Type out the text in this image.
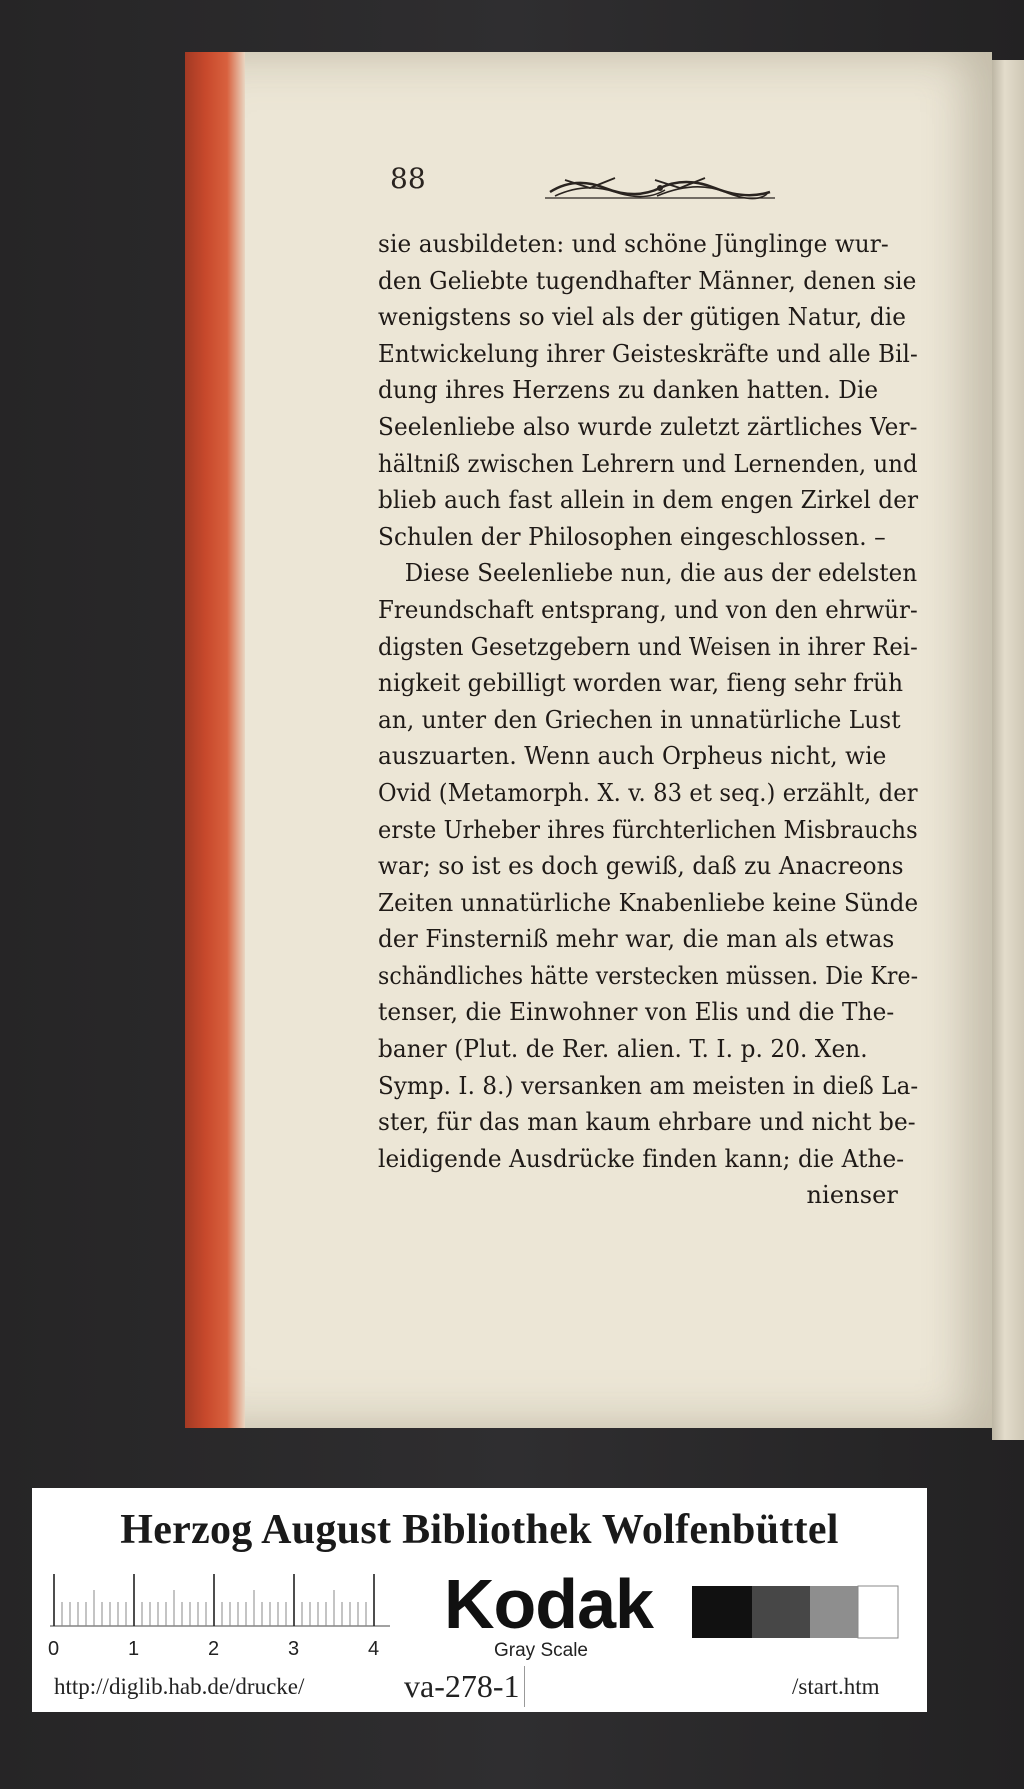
88
sie ausbildeten: und schöne Jünglinge wur-
den Geliebte tugendhafter Männer, denen sie
wenigstens so viel als der gütigen Natur, die
Entwickelung ihrer Geisteskräfte und alle Bil-
dung ihres Herzens zu danken hatten. Die
Seelenliebe also wurde zuletzt zärtliches Ver-
hältniß zwischen Lehrern und Lernenden, und
blieb auch fast allein in dem engen Zirkel der
Schulen der Philosophen eingeschlossen. –
Diese Seelenliebe nun, die aus der edelsten
Freundschaft entsprang, und von den ehrwür-
digsten Gesetzgebern und Weisen in ihrer Rei-
nigkeit gebilligt worden war, fieng sehr früh
an, unter den Griechen in unnatürliche Lust
auszuarten. Wenn auch Orpheus nicht, wie
Ovid (Metamorph. X. v. 83 et seq.) erzählt, der
erste Urheber ihres fürchterlichen Misbrauchs
war; so ist es doch gewiß, daß zu Anacreons
Zeiten unnatürliche Knabenliebe keine Sünde
der Finsterniß mehr war, die man als etwas
schändliches hätte verstecken müssen. Die Kre-
tenser, die Einwohner von Elis und die The-
baner (Plut. de Rer. alien. T. I. p. 20. Xen.
Symp. I. 8.) versanken am meisten in dieß La-
ster, für das man kaum ehrbare und nicht be-
leidigende Ausdrücke finden kann; die Athe-
nienser
Herzog August Bibliothek Wolfenbüttel
0	1	2	3	4
Kodak
Gray Scale
http://diglib.hab.de/drucke/	va-278-1	/start.htm
